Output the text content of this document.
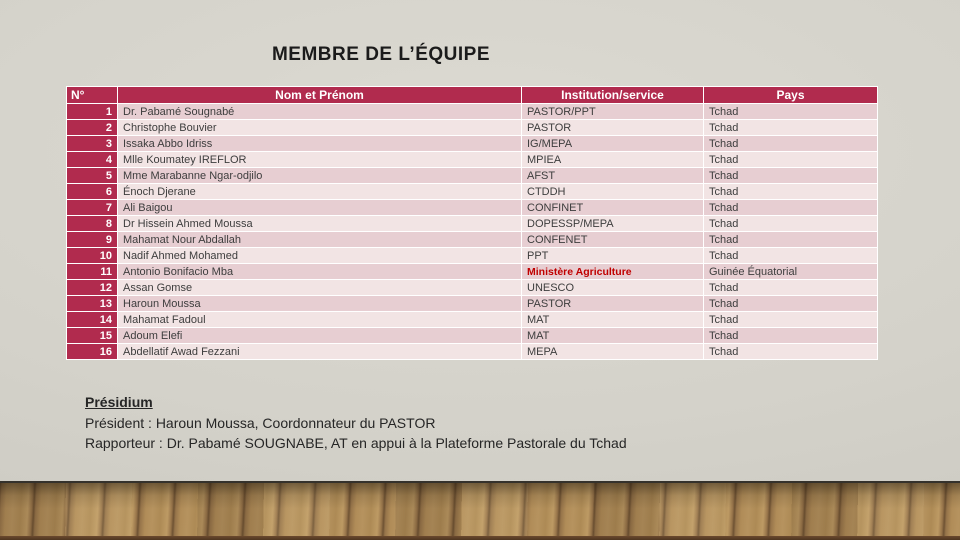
MEMBRE DE L’ÉQUIPE
N°	Nom et Prénom	Institution/service	Pays
1	Dr. Pabamé Sougnabé	PASTOR/PPT	Tchad
2	Christophe Bouvier	PASTOR	Tchad
3	Issaka Abbo Idriss	IG/MEPA	Tchad
4	Mlle Koumatey IREFLOR	MPIEA	Tchad
5	Mme Marabanne Ngar-odjilo	AFST	Tchad
6	Énoch Djerane	CTDDH	Tchad
7	Ali Baigou	CONFINET	Tchad
8	Dr Hissein Ahmed Moussa	DOPESSP/MEPA	Tchad
9	Mahamat Nour Abdallah	CONFENET	Tchad
10	Nadif Ahmed Mohamed	PPT	Tchad
11	Antonio Bonifacio Mba	Ministère Agriculture	Guinée Équatorial
12	Assan Gomse	UNESCO	Tchad
13	Haroun Moussa	PASTOR	Tchad
14	Mahamat Fadoul	MAT	Tchad
15	Adoum Elefi	MAT	Tchad
16	Abdellatif Awad Fezzani	MEPA	Tchad
Présidium
Président : Haroun Moussa, Coordonnateur du PASTOR
Rapporteur : Dr. Pabamé SOUGNABE, AT en appui à la Plateforme Pastorale du Tchad
